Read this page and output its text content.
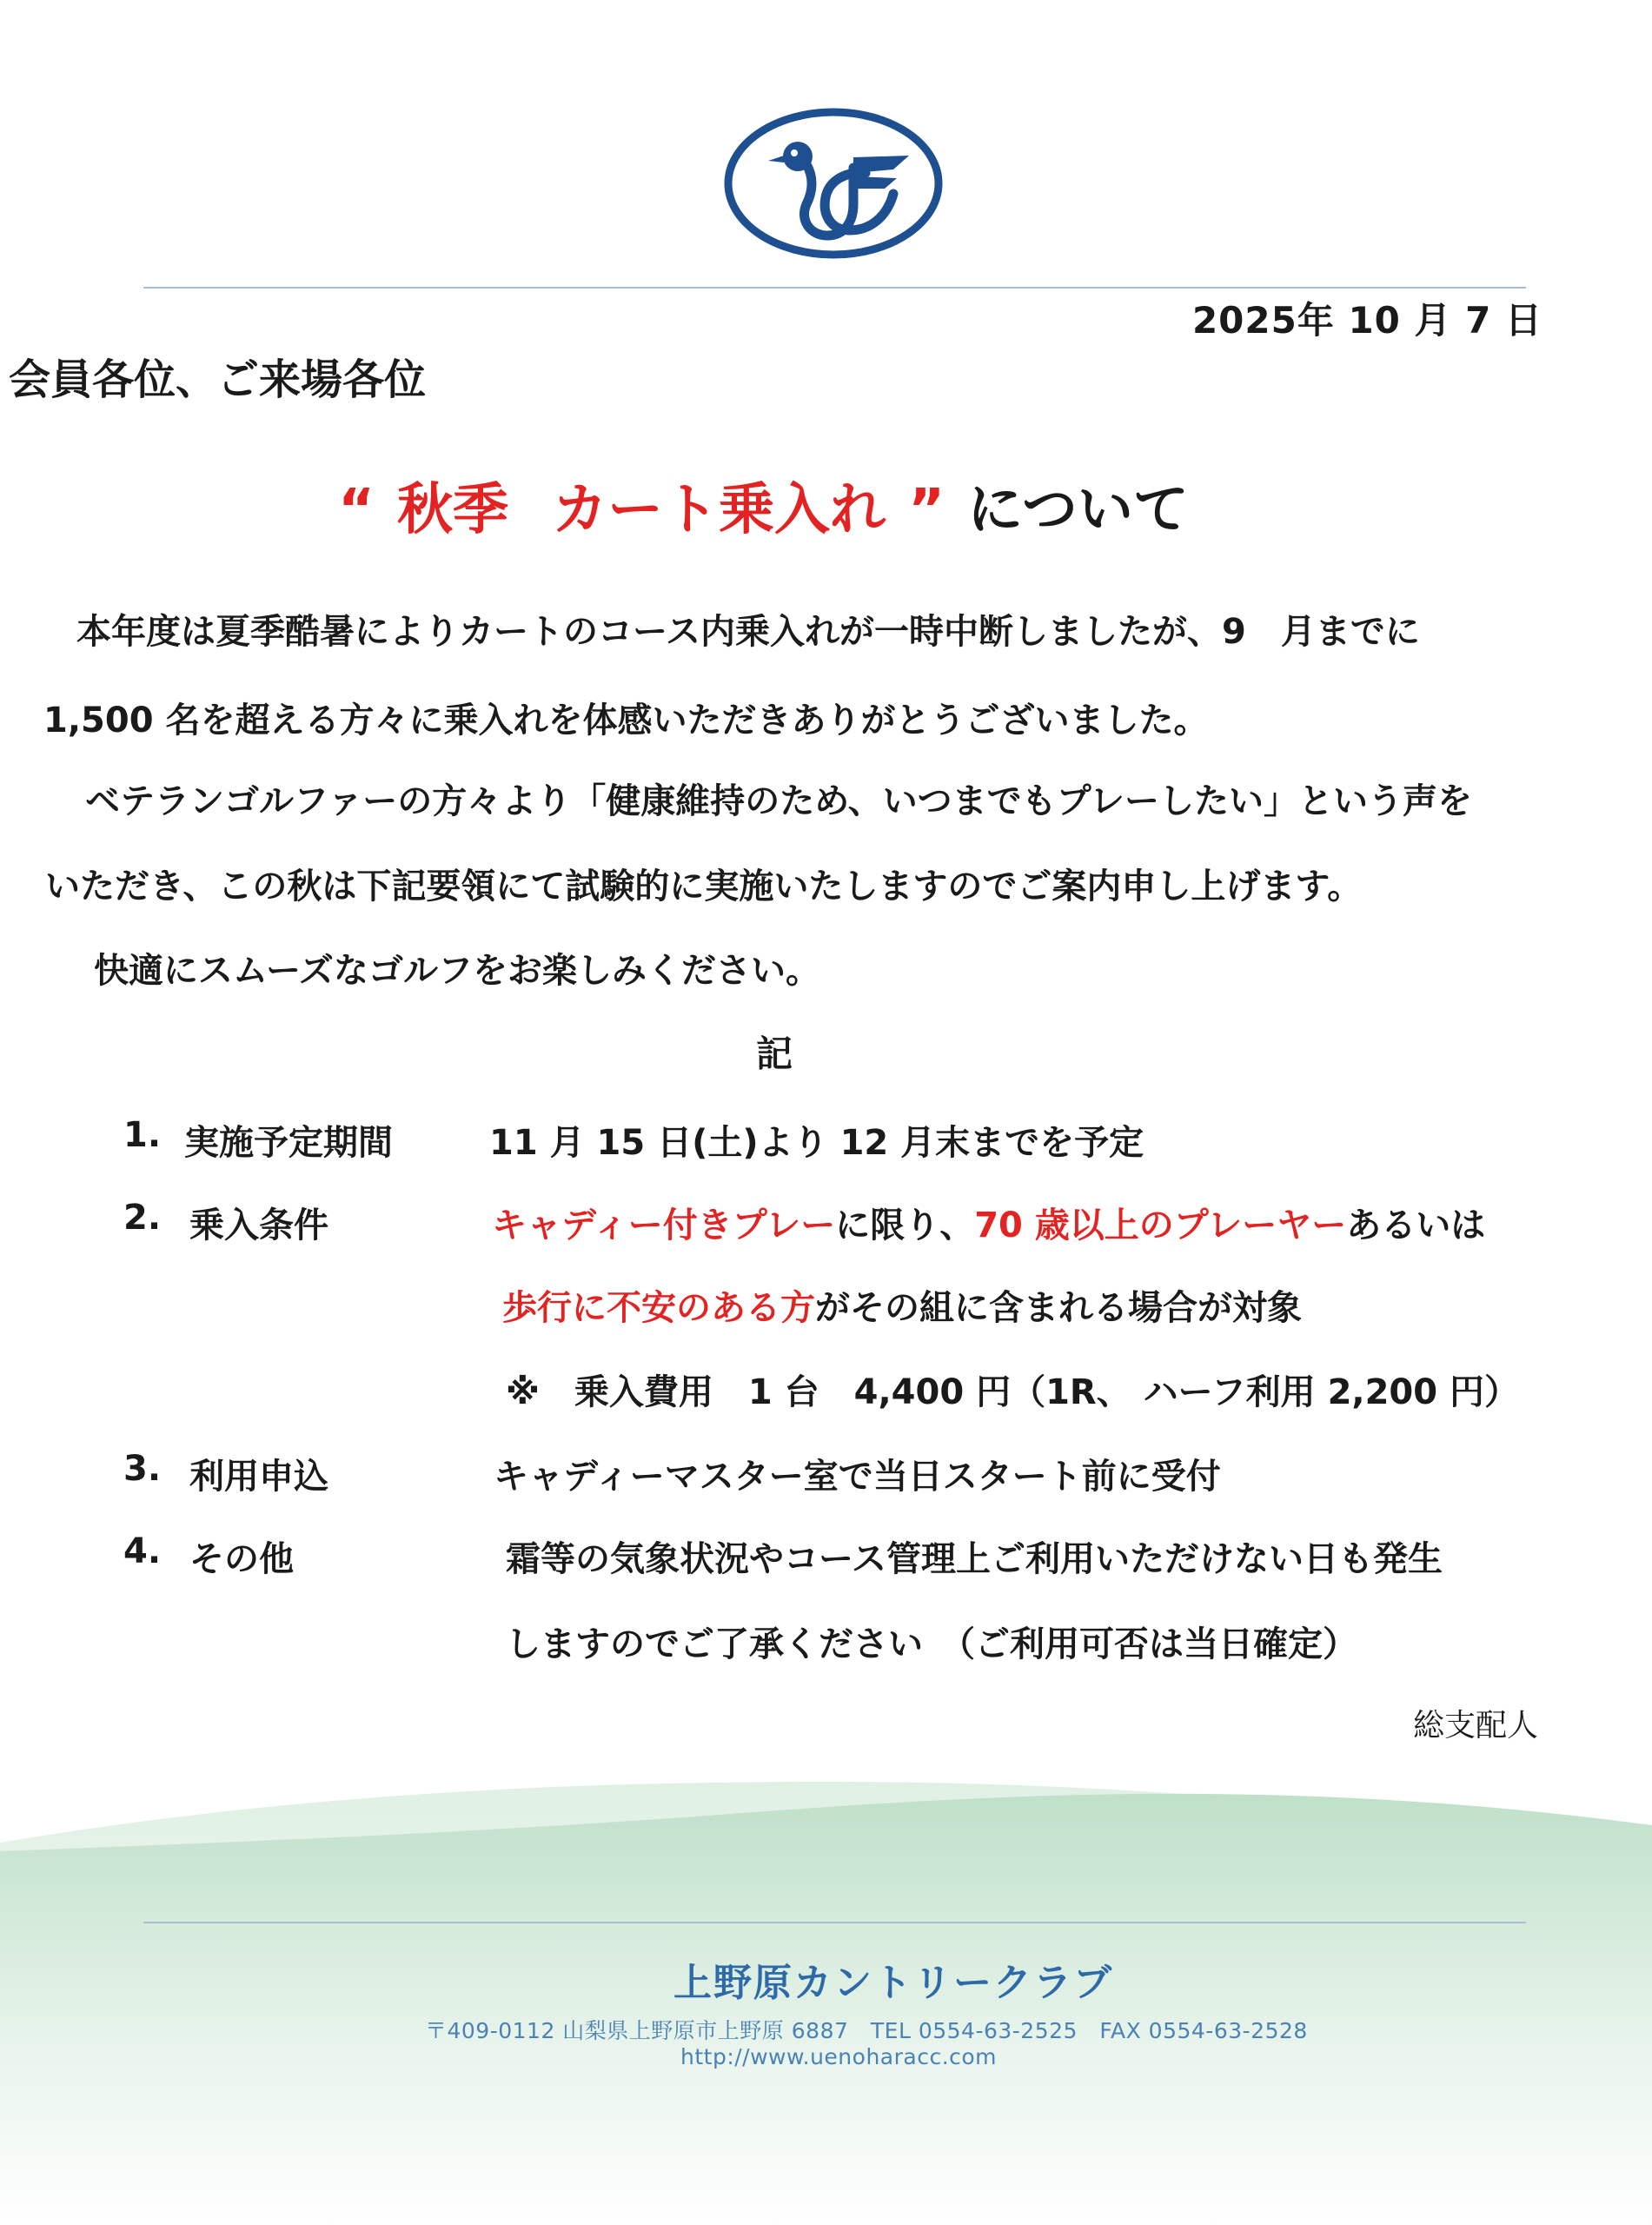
2025年 10 月 7 日
会員各位、ご来場各位
“ 秋季 カート乗入れ ” について
本年度は夏季酷暑によりカートのコース内乗入れが一時中断しましたが、9　月までに
1,500 名を超える方々に乗入れを体感いただきありがとうございました。
ベテランゴルファーの方々より「健康維持のため、いつまでもプレーしたい」という声を
いただき、この秋は下記要領にて試験的に実施いたしますのでご案内申し上げます。
快適にスムーズなゴルフをお楽しみください。
記
1. 実施予定期間	11 月 15 日(土)より 12 月末までを予定
2. 乗入条件	キャディー付きプレーに限り、70 歳以上のプレーヤーあるいは
歩行に不安のある方がその組に含まれる場合が対象
※　乗入費用　1 台　4,400 円（1R、 ハーフ利用 2,200 円）
3. 利用申込	キャディーマスター室で当日スタート前に受付
4. その他	霜等の気象状況やコース管理上ご利用いただけない日も発生
しますのでご了承ください　（ご利用可否は当日確定）
総支配人
上野原カントリークラブ
〒409-0112 山梨県上野原市上野原 6887　TEL 0554-63-2525　FAX 0554-63-2528
http://www.uenoharacc.com
